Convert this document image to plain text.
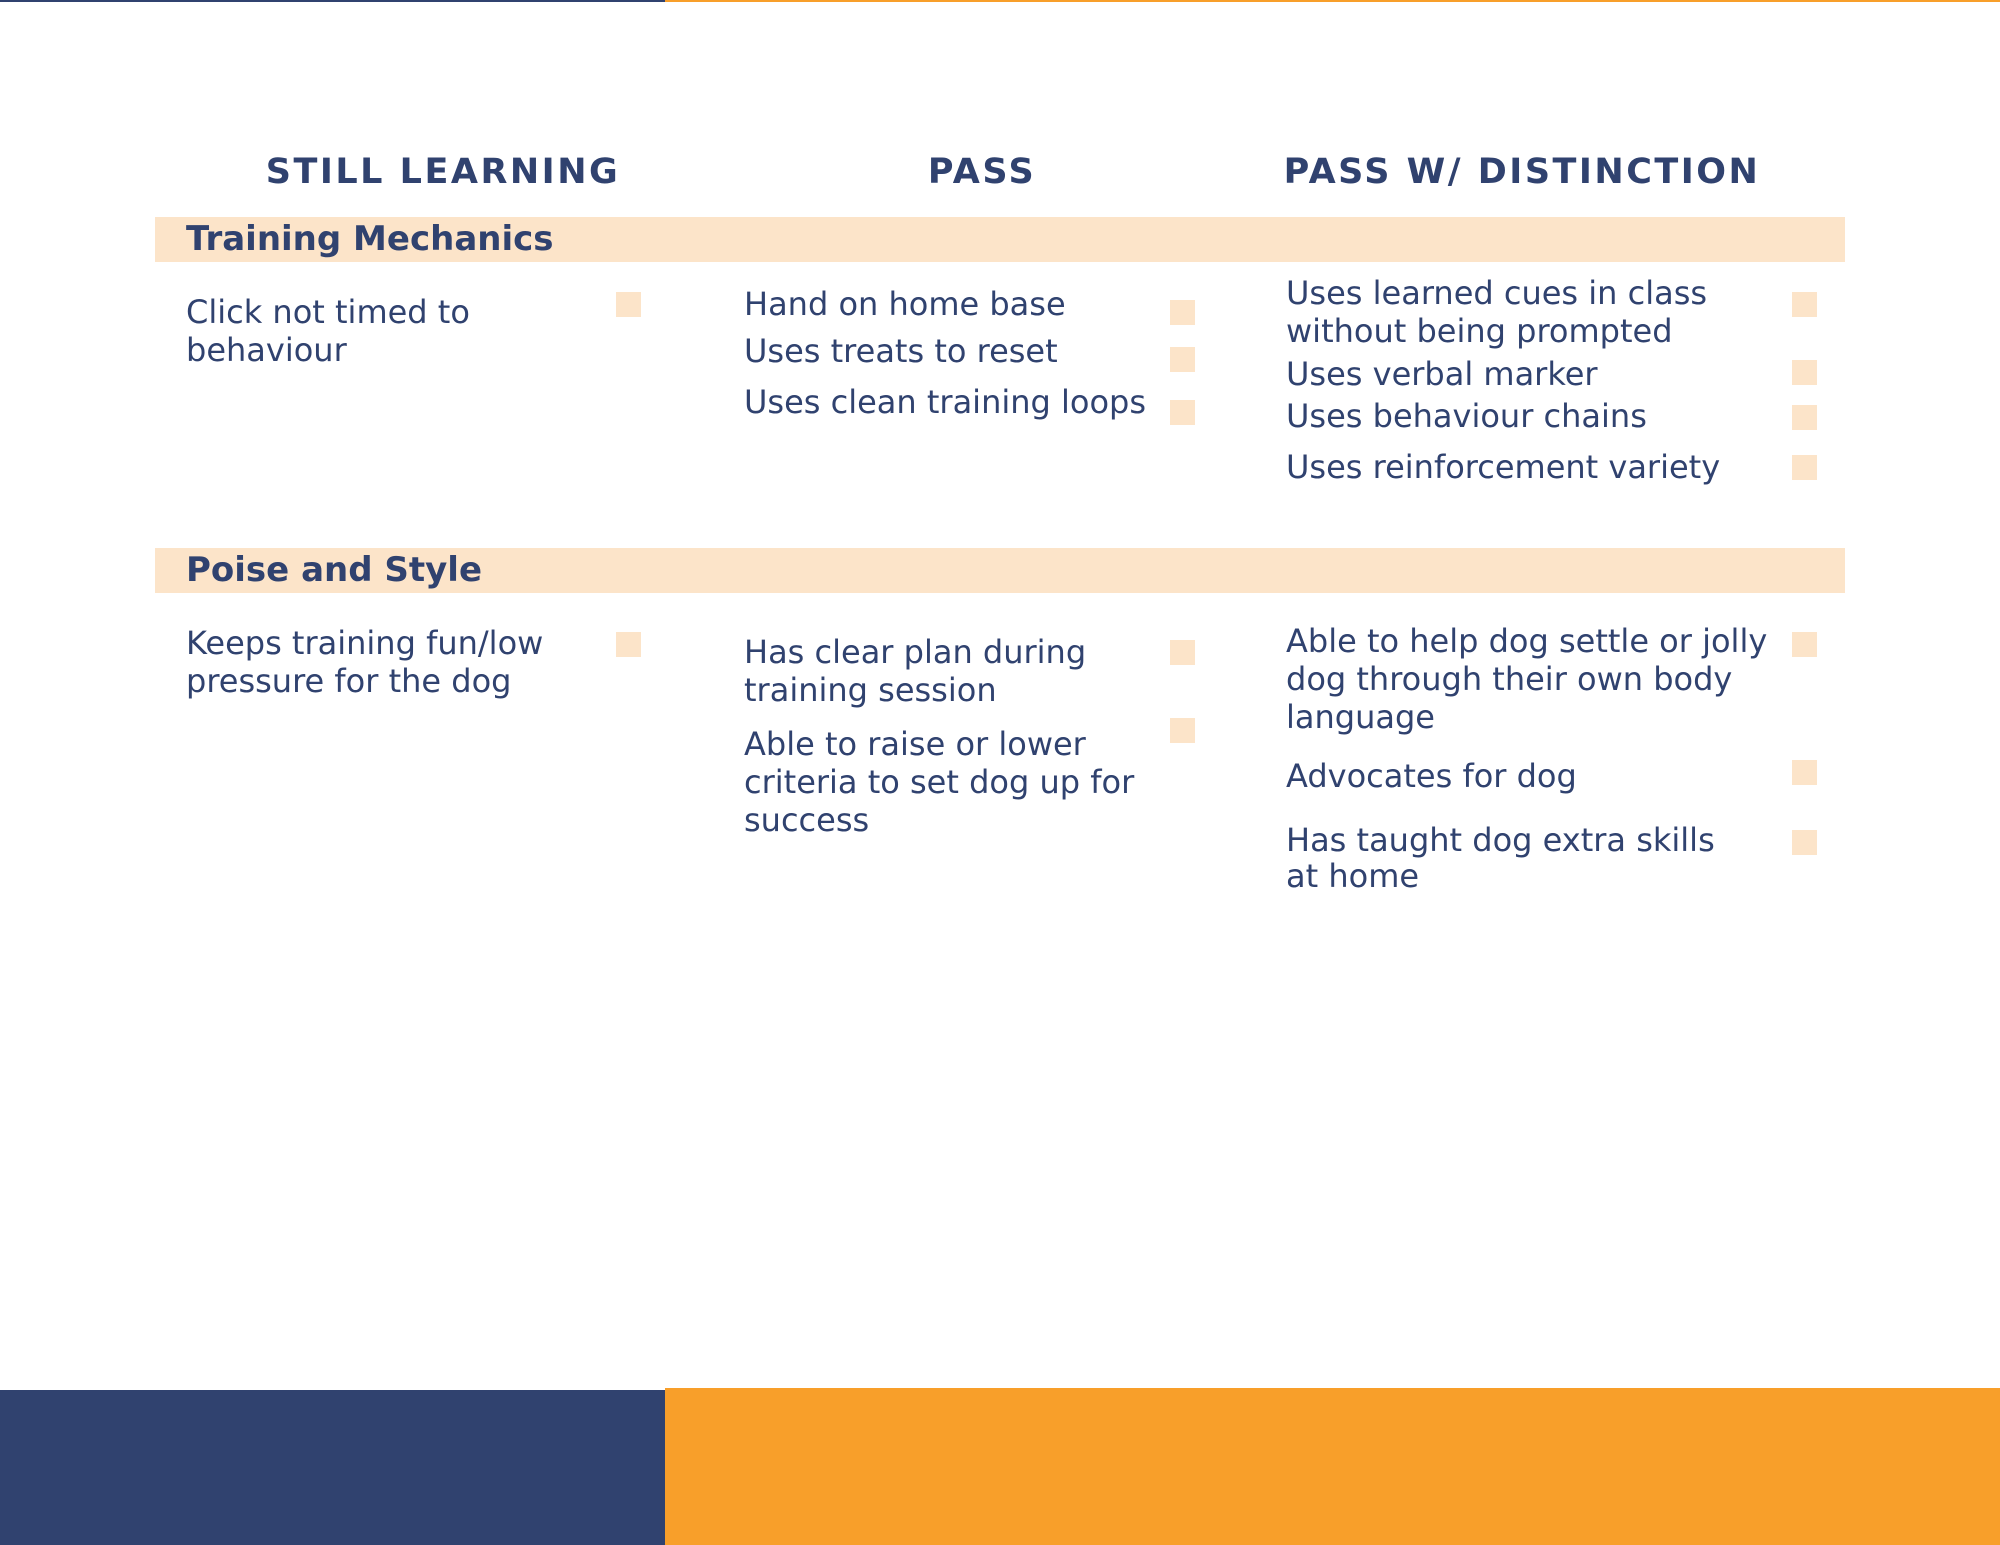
STILL LEARNING	PASS	PASS W/ DISTINCTION
Training Mechanics
Click not timed to behaviour
Hand on home base
Uses treats to reset
Uses clean training loops
Uses learned cues in class without being prompted
Uses verbal marker
Uses behaviour chains
Uses reinforcement variety
Poise and Style
Keeps training fun/low pressure for the dog
Has clear plan during training session
Able to raise or lower criteria to set dog up for success
Able to help dog settle or jolly dog through their own body language
Advocates for dog
Has taught dog extra skills at home
